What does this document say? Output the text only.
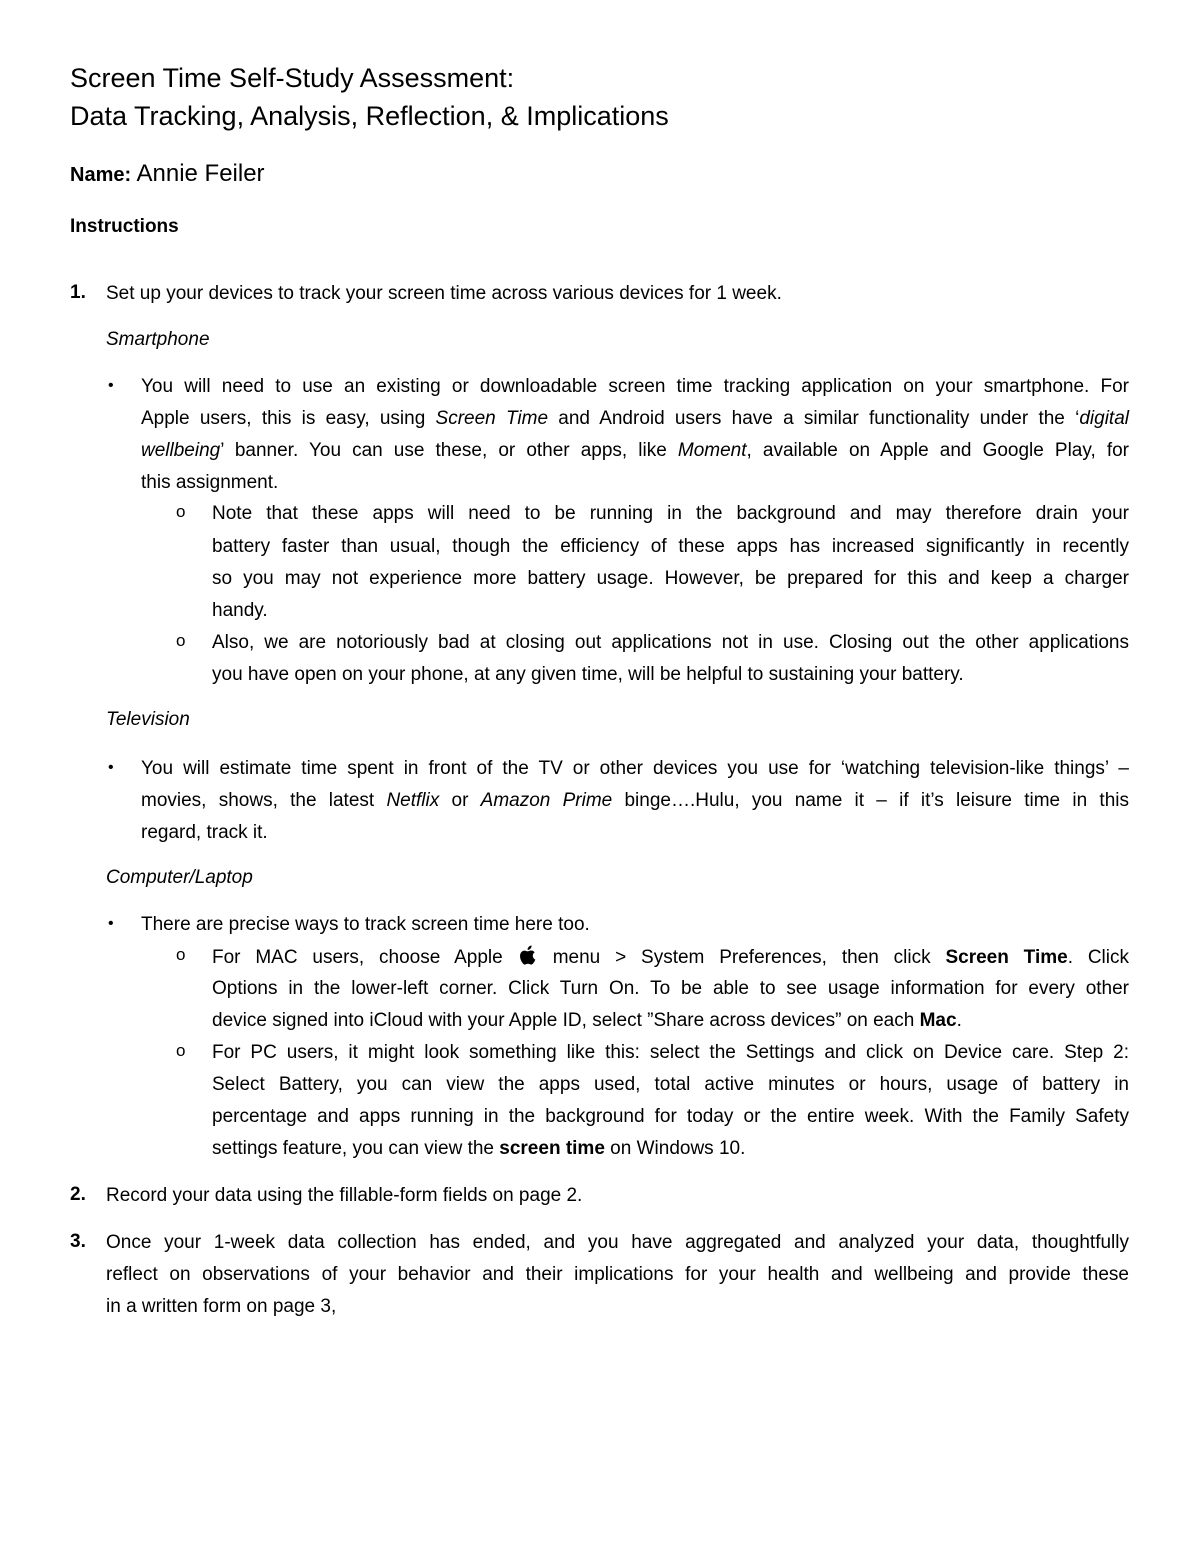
Screen Time Self-Study Assessment:
Data Tracking, Analysis, Reflection, & Implications
Name: Annie Feiler
Instructions
1. Set up your devices to track your screen time across various devices for 1 week.
Smartphone
• You will need to use an existing or downloadable screen time tracking application on your smartphone. For
Apple users, this is easy, using Screen Time and Android users have a similar functionality under the ‘digital
wellbeing’ banner. You can use these, or other apps, like Moment, available on Apple and Google Play, for
this assignment.
o Note that these apps will need to be running in the background and may therefore drain your
battery faster than usual, though the efficiency of these apps has increased significantly in recently
so you may not experience more battery usage. However, be prepared for this and keep a charger
handy.
o Also, we are notoriously bad at closing out applications not in use. Closing out the other applications
you have open on your phone, at any given time, will be helpful to sustaining your battery.
Television
• You will estimate time spent in front of the TV or other devices you use for ‘watching television-like things’ –
movies, shows, the latest Netflix or Amazon Prime binge….Hulu, you name it – if it’s leisure time in this
regard, track it.
Computer/Laptop
• There are precise ways to track screen time here too.
o For MAC users, choose Apple	menu > System Preferences, then click Screen Time. Click
Options in the lower-left corner. Click Turn On. To be able to see usage information for every other
device signed into iCloud with your Apple ID, select ”Share across devices” on each Mac.
o For PC users, it might look something like this: select the Settings and click on Device care. Step 2:
Select Battery, you can view the apps used, total active minutes or hours, usage of battery in
percentage and apps running in the background for today or the entire week. With the Family Safety
settings feature, you can view the screen time on Windows 10.
2. Record your data using the fillable-form fields on page 2.
3. Once your 1-week data collection has ended, and you have aggregated and analyzed your data, thoughtfully
reflect on observations of your behavior and their implications for your health and wellbeing and provide these
in a written form on page 3,
